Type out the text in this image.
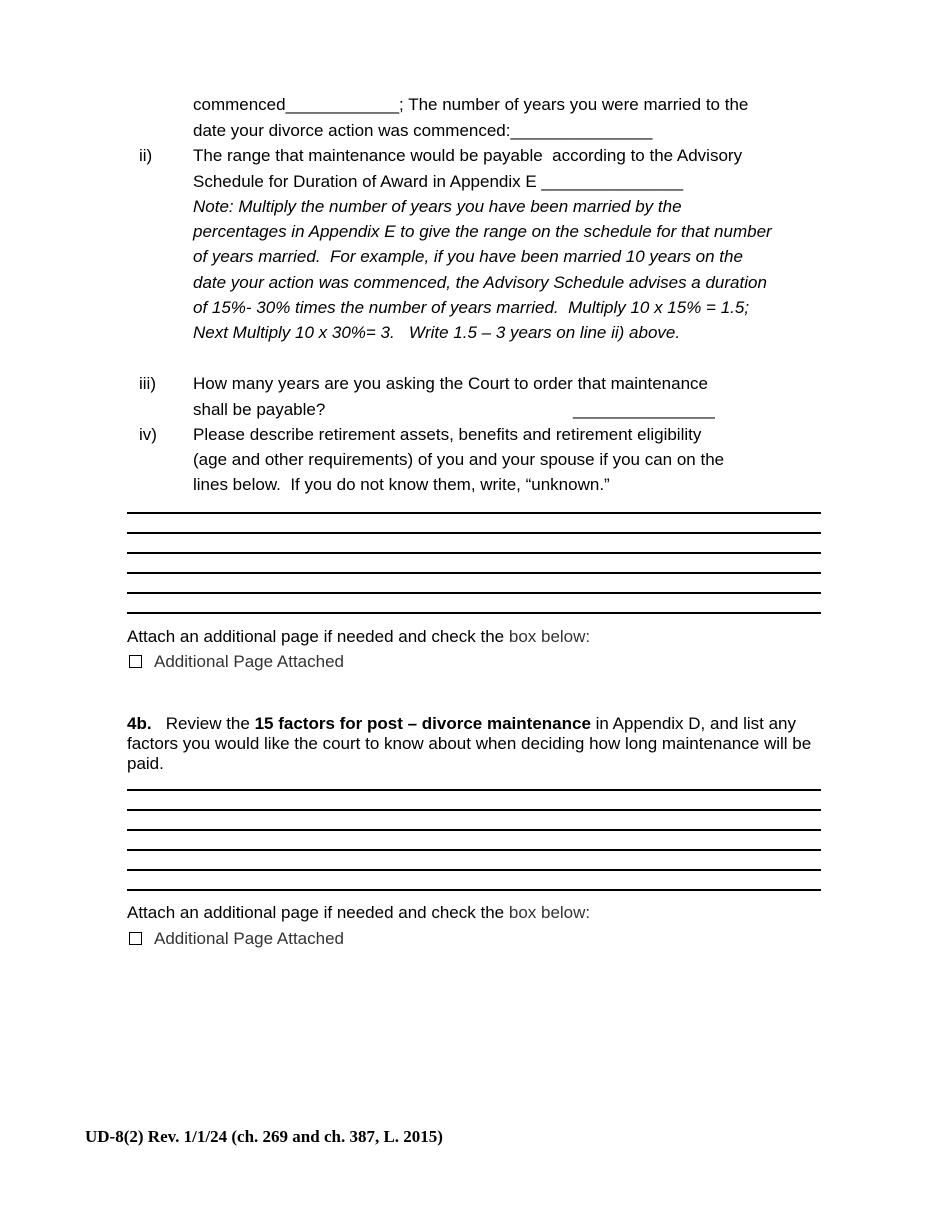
commenced____________; The number of years you were married to the
date your divorce action was commenced:_______________
ii) The range that maintenance would be payable  according to the Advisory
Schedule for Duration of Award in Appendix E _______________
Note: Multiply the number of years you have been married by the
percentages in Appendix E to give the range on the schedule for that number
of years married.  For example, if you have been married 10 years on the
date your action was commenced, the Advisory Schedule advises a duration
of 15%- 30% times the number of years married.  Multiply 10 x 15% = 1.5;
Next Multiply 10 x 30%= 3.   Write 1.5 – 3 years on line ii) above.
iii) How many years are you asking the Court to order that maintenance
shall be payable?	_______________
iv) Please describe retirement assets, benefits and retirement eligibility
(age and other requirements) of you and your spouse if you can on the
lines below.  If you do not know them, write, “unknown.”
Attach an additional page if needed and check the box below:
Additional Page Attached
4b. Review the 15 factors for post – divorce maintenance in Appendix D, and list any factors you would like the court to know about when deciding how long maintenance will be paid.
Attach an additional page if needed and check the box below:
Additional Page Attached
UD-8(2) Rev. 1/1/24 (ch. 269 and ch. 387, L. 2015)
